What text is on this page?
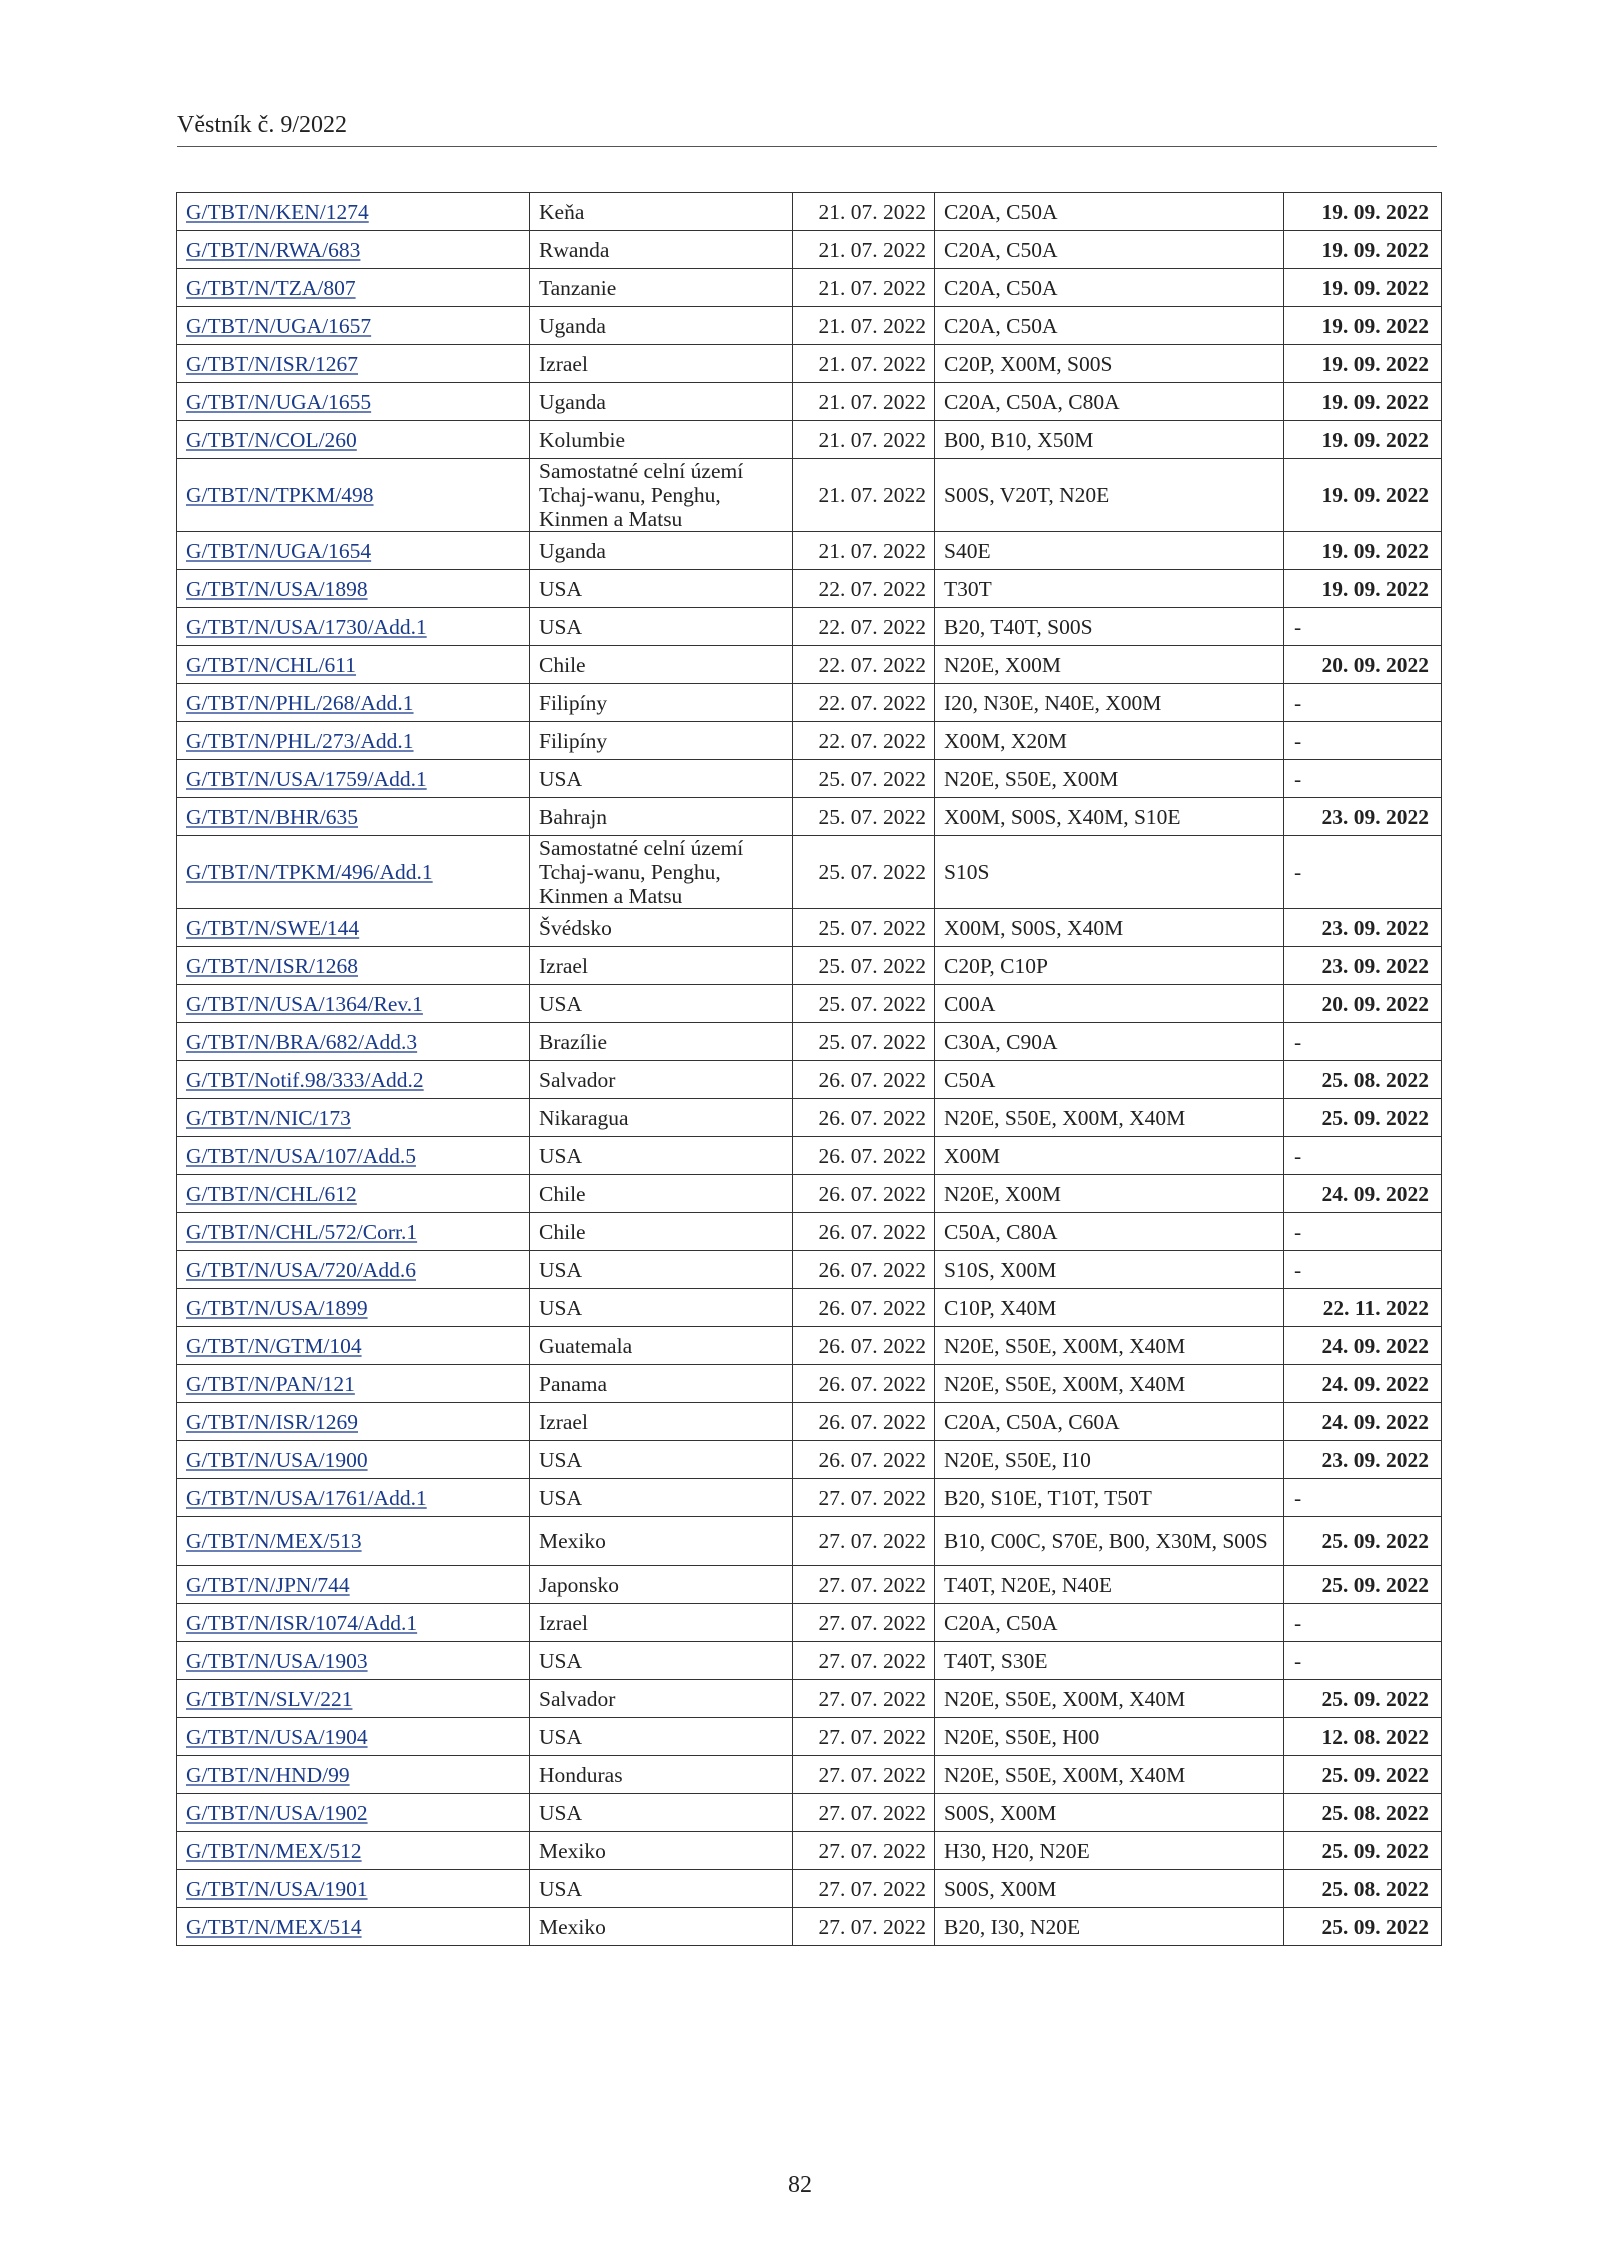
Věstník č. 9/2022
G/TBT/N/KEN/1274	Keňa	21. 07. 2022	C20A, C50A	19. 09. 2022
G/TBT/N/RWA/683	Rwanda	21. 07. 2022	C20A, C50A	19. 09. 2022
G/TBT/N/TZA/807	Tanzanie	21. 07. 2022	C20A, C50A	19. 09. 2022
G/TBT/N/UGA/1657	Uganda	21. 07. 2022	C20A, C50A	19. 09. 2022
G/TBT/N/ISR/1267	Izrael	21. 07. 2022	C20P, X00M, S00S	19. 09. 2022
G/TBT/N/UGA/1655	Uganda	21. 07. 2022	C20A, C50A, C80A	19. 09. 2022
G/TBT/N/COL/260	Kolumbie	21. 07. 2022	B00, B10, X50M	19. 09. 2022
G/TBT/N/TPKM/498	Samostatné celní území Tchaj-wanu, Penghu, Kinmen a Matsu	21. 07. 2022	S00S, V20T, N20E	19. 09. 2022
G/TBT/N/UGA/1654	Uganda	21. 07. 2022	S40E	19. 09. 2022
G/TBT/N/USA/1898	USA	22. 07. 2022	T30T	19. 09. 2022
G/TBT/N/USA/1730/Add.1	USA	22. 07. 2022	B20, T40T, S00S	-
G/TBT/N/CHL/611	Chile	22. 07. 2022	N20E, X00M	20. 09. 2022
G/TBT/N/PHL/268/Add.1	Filipíny	22. 07. 2022	I20, N30E, N40E, X00M	-
G/TBT/N/PHL/273/Add.1	Filipíny	22. 07. 2022	X00M, X20M	-
G/TBT/N/USA/1759/Add.1	USA	25. 07. 2022	N20E, S50E, X00M	-
G/TBT/N/BHR/635	Bahrajn	25. 07. 2022	X00M, S00S, X40M, S10E	23. 09. 2022
G/TBT/N/TPKM/496/Add.1	Samostatné celní území Tchaj-wanu, Penghu, Kinmen a Matsu	25. 07. 2022	S10S	-
G/TBT/N/SWE/144	Švédsko	25. 07. 2022	X00M, S00S, X40M	23. 09. 2022
G/TBT/N/ISR/1268	Izrael	25. 07. 2022	C20P, C10P	23. 09. 2022
G/TBT/N/USA/1364/Rev.1	USA	25. 07. 2022	C00A	20. 09. 2022
G/TBT/N/BRA/682/Add.3	Brazílie	25. 07. 2022	C30A, C90A	-
G/TBT/Notif.98/333/Add.2	Salvador	26. 07. 2022	C50A	25. 08. 2022
G/TBT/N/NIC/173	Nikaragua	26. 07. 2022	N20E, S50E, X00M, X40M	25. 09. 2022
G/TBT/N/USA/107/Add.5	USA	26. 07. 2022	X00M	-
G/TBT/N/CHL/612	Chile	26. 07. 2022	N20E, X00M	24. 09. 2022
G/TBT/N/CHL/572/Corr.1	Chile	26. 07. 2022	C50A, C80A	-
G/TBT/N/USA/720/Add.6	USA	26. 07. 2022	S10S, X00M	-
G/TBT/N/USA/1899	USA	26. 07. 2022	C10P, X40M	22. 11. 2022
G/TBT/N/GTM/104	Guatemala	26. 07. 2022	N20E, S50E, X00M, X40M	24. 09. 2022
G/TBT/N/PAN/121	Panama	26. 07. 2022	N20E, S50E, X00M, X40M	24. 09. 2022
G/TBT/N/ISR/1269	Izrael	26. 07. 2022	C20A, C50A, C60A	24. 09. 2022
G/TBT/N/USA/1900	USA	26. 07. 2022	N20E, S50E, I10	23. 09. 2022
G/TBT/N/USA/1761/Add.1	USA	27. 07. 2022	B20, S10E, T10T, T50T	-
G/TBT/N/MEX/513	Mexiko	27. 07. 2022	B10, C00C, S70E, B00, X30M, S00S	25. 09. 2022
G/TBT/N/JPN/744	Japonsko	27. 07. 2022	T40T, N20E, N40E	25. 09. 2022
G/TBT/N/ISR/1074/Add.1	Izrael	27. 07. 2022	C20A, C50A	-
G/TBT/N/USA/1903	USA	27. 07. 2022	T40T, S30E	-
G/TBT/N/SLV/221	Salvador	27. 07. 2022	N20E, S50E, X00M, X40M	25. 09. 2022
G/TBT/N/USA/1904	USA	27. 07. 2022	N20E, S50E, H00	12. 08. 2022
G/TBT/N/HND/99	Honduras	27. 07. 2022	N20E, S50E, X00M, X40M	25. 09. 2022
G/TBT/N/USA/1902	USA	27. 07. 2022	S00S, X00M	25. 08. 2022
G/TBT/N/MEX/512	Mexiko	27. 07. 2022	H30, H20, N20E	25. 09. 2022
G/TBT/N/USA/1901	USA	27. 07. 2022	S00S, X00M	25. 08. 2022
G/TBT/N/MEX/514	Mexiko	27. 07. 2022	B20, I30, N20E	25. 09. 2022
82
